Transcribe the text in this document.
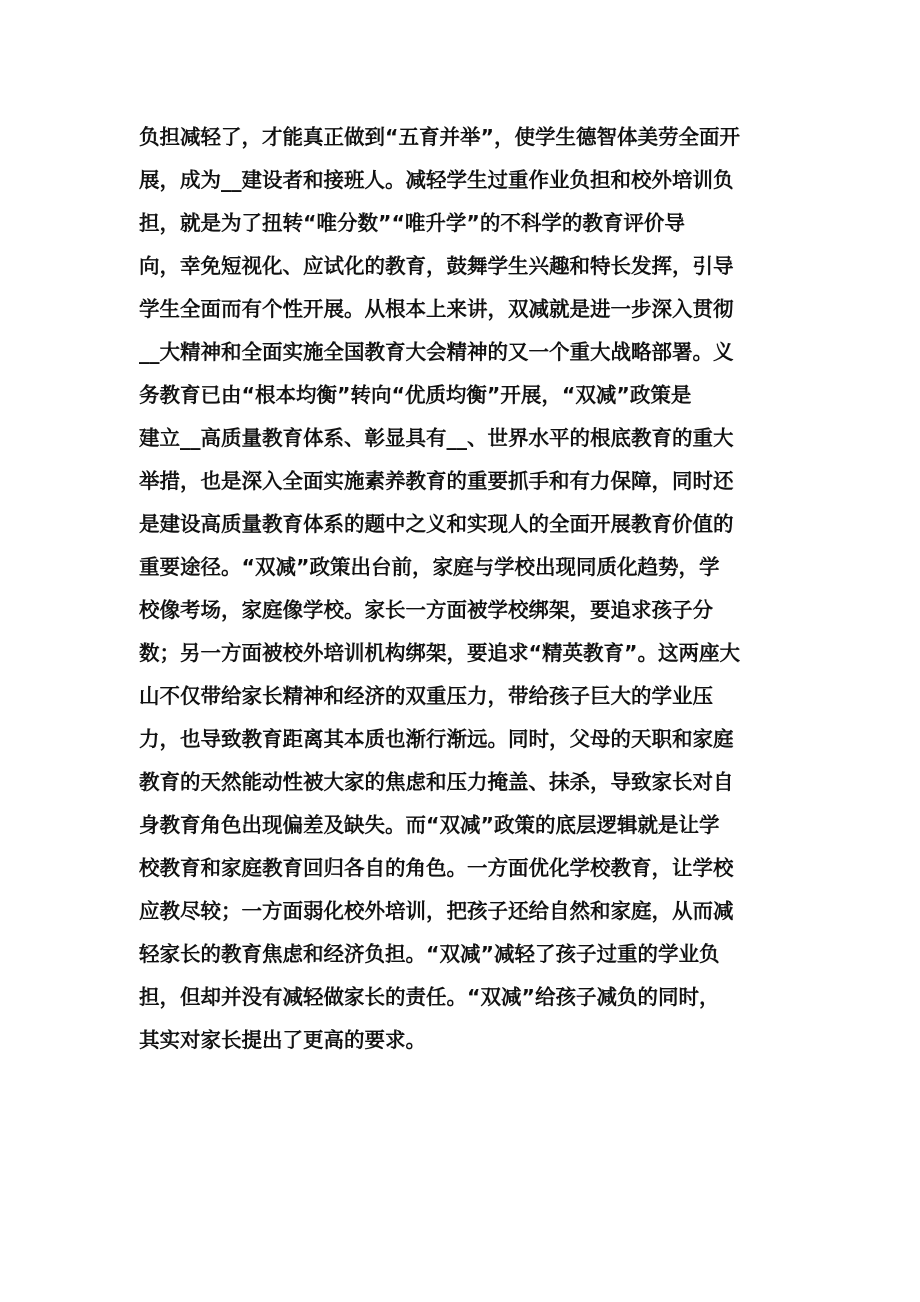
负担减轻了，才能真正做到“五育并举”，使学生德智体美劳全面开
展，成为__建设者和接班人。减轻学生过重作业负担和校外培训负
担，就是为了扭转“唯分数”“唯升学”的不科学的教育评价导
向，幸免短视化、应试化的教育，鼓舞学生兴趣和特长发挥，引导
学生全面而有个性开展。从根本上来讲，双减就是进一步深入贯彻
__大精神和全面实施全国教育大会精神的又一个重大战略部署。义
务教育已由“根本均衡”转向“优质均衡”开展，“双减”政策是
建立__高质量教育体系、彰显具有__、世界水平的根底教育的重大
举措，也是深入全面实施素养教育的重要抓手和有力保障，同时还
是建设高质量教育体系的题中之义和实现人的全面开展教育价值的
重要途径。“双减”政策出台前，家庭与学校出现同质化趋势，学
校像考场，家庭像学校。家长一方面被学校绑架，要追求孩子分
数；另一方面被校外培训机构绑架，要追求“精英教育”。这两座大
山不仅带给家长精神和经济的双重压力，带给孩子巨大的学业压
力，也导致教育距离其本质也渐行渐远。同时，父母的天职和家庭
教育的天然能动性被大家的焦虑和压力掩盖、抹杀，导致家长对自
身教育角色出现偏差及缺失。而“双减”政策的底层逻辑就是让学
校教育和家庭教育回归各自的角色。一方面优化学校教育，让学校
应教尽较；一方面弱化校外培训，把孩子还给自然和家庭，从而减
轻家长的教育焦虑和经济负担。“双减”减轻了孩子过重的学业负
担，但却并没有减轻做家长的责任。“双减”给孩子减负的同时，
其实对家长提出了更高的要求。
